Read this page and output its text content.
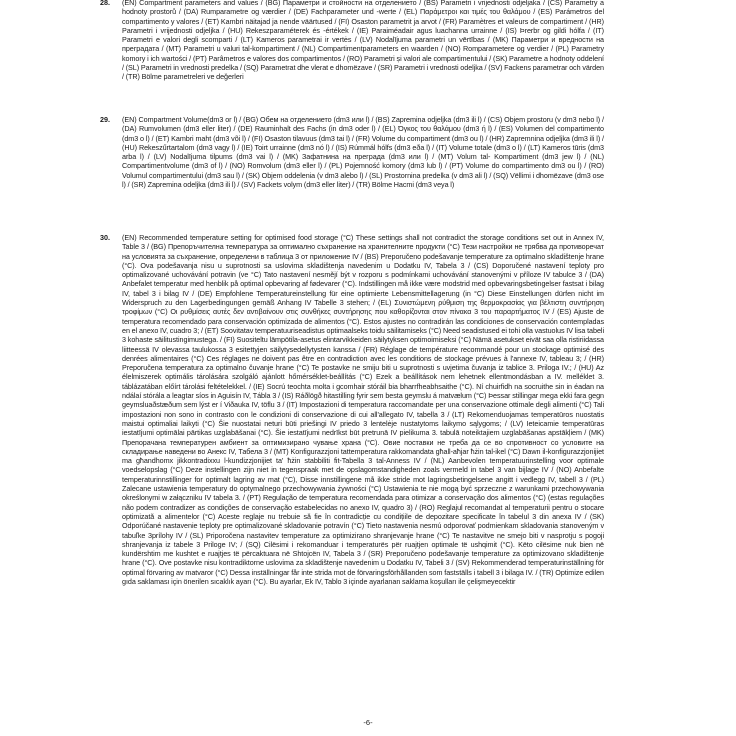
28. (EN) Compartment parameters and values / (BG) Параметри и стойности на отделението / (BS) Parametri i vrijednosti odjeljaka / (CS) Parametry a hodnoty prostorů / (DA) Rumparametre og værdier / (DE) Fachparameter und -werte / (EL) Παράμετροι και τιμές του θαλάμου / (ES) Parámetros del compartimento y valores / (ET) Kambri näitajad ja nende väärtused / (FI) Osaston parametrit ja arvot / (FR) Paramètres et valeurs de compartiment / (HR) Parametri i vrijednosti odjeljka / (HU) Rekeszparaméterek és -értékek / (IE) Paraiméadair agus luachanna urrainne / (IS) Þrerbr og gildi hólfa / (IT) Parametri e valori degli scomparti / (LT) Kameros parametrai ir vertės / (LV) Nodalījuma parametri un vērtības / (MK) Параметри и вредности на преградата / (MT) Parametri u valuri tal-kompartiment / (NL) Compartimentparameters en waarden / (NO) Romparametere og verdier / (PL) Parametry komory i ich wartości / (PT) Parâmetros e valores dos compartimentos / (RO) Parametri și valori ale compartimentului / (SK) Parametre a hodnoty oddelení / (SL) Parametri in vrednosti predelka / (SQ) Parametrat dhe vlerat e dhomëzave / (SR) Parametri i vrednosti odeljka / (SV) Fackens parametrar och värden / (TR) Bölme parametreleri ve değerleri

29. (EN) Compartment Volume(dm3 or l) / (BG) Обем на отделението (dm3 или l) / (BS) Zapremina odjeljka (dm3 ili l) / (CS) Objem prostoru (v dm3 nebo l) / (DA) Rumvolumen (dm3 eller liter) / (DE) Rauminhalt des Fachs (in dm3 oder l) / (EL) Όγκος του θαλάμου (dm3 ή l) / (ES) Volumen del compartimento (dm3 o l) / (ET) Kambri maht (dm3 või l) / (FI) Osaston tilavuus (dm3 tai l) / (FR) Volume du compartiment (dm3 ou l) / (HR) Zapremnina odjeljka (dm3 ili l) / (HU) Rekeszűrtartalom (dm3 vagy l) / (IE) Toirt urrainne (dm3 nó l) / (IS) Rúmmál hólfs (dm3 eða l) / (IT) Volume totale (dm3 o l) / (LT) Kameros tūris (dm3 arba l) / (LV) Nodalījuma tilpums (dm3 vai l) / (MK) Зафатнина на преграда (dm3 или l) / (MT) Volum tal- Kompartiment (dm3 jew l) / (NL) Compartimentvolume (dm3 of l) / (NO) Romvolum (dm3 eller l) / (PL) Pojemność komory (dm3 lub l) / (PT) Volume do compartimento dm3 ou l) / (RO) Volumul compartimentului (dm3 sau l) / (SK) Objem oddelenia (v dm3 alebo l) / (SL) Prostornina predelka (v dm3 ali l) / (SQ) Vëllimi i dhomëzave (dm3 ose l) / (SR) Zapremina odeljka (dm3 ili l) / (SV) Fackets volym (dm3 eller liter) / (TR) Bölme Hacmi (dm3 veya l)

30. (EN) Recommended temperature setting for optimised food storage (°C) These settings shall not contradict the storage conditions set out in Annex IV, Table 3 / (BG) Препоръчителна температура за оптимално съхранение на хранителните продукти (°C) Тези настройки не трябва да противоречат на условията за съхранение, определени в таблица 3 от приложение IV / (BS) Preporučeno podešavanje temperature za optimalno skladištenje hrane (°C). Ova podešavanja nisu u suprotnosti sa uslovima skladištenja navedenim u Dodatku IV, Tabela 3 / (CS) Doporučené nastavení teploty pro optimalizované uchovávání potravin (ve °C) Tato nastavení nesmějí být v rozporu s podmínkami uchovávání stanovenými v příloze IV tabulce 3 / (DA) Anbefalet temperatur med henblik på optimal opbevaring af fødevarer (°C). Indstillingen må ikke være modstrid med opbevaringsbetingelser fastsat i bilag IV, tabel 3 i bilag IV / (DE) Empfohlene Temperatureinstellung für eine optimierte Lebensmittellagerung (in °C) Diese Einstellungen dürfen nicht im Widerspruch zu den Lagerbedingungen gemäß Anhang IV Tabelle 3 stehen; / (EL) Συνιστώμενη ρύθμιση της θερμοκρασίας για βέλτιστη συντήρηση τροφίμων (°C) Οι ρυθμίσεις αυτές δεν αντιβαίνουν στις συνθήκες συντήρησης που καθορίζονται στον πίνακα 3 του παραρτήματος IV / (ES) Ajuste de temperatura recomendado para conservación optimizada de alimentos (°C). Estos ajustes no contradirán las condiciones de conservación contempladas en el anexo IV, cuadro 3; / (ET) Soovitatav temperatuuriseadistus optimaalseks toidu säilitamiseks (°C) Need seadistused ei tohi olla vastuolus IV lisa tabeli 3 kohaste säilitustingimustega. / (FI) Suositeltu lämpötila-asetus elintarvikkeiden säilytyksen optimoimiseksi (°C) Nämä asetukset eivät saa olla ristiriidassa liitteessä IV olevassa taulukossa 3 esitettyjen säilytysedellytysten kanssa / (FR) Réglage de température recommandé pour un stockage optimisé des denrées alimentaires (°C) Ces réglages ne doivent pas être en contradiction avec les conditions de stockage prévues à l'annexe IV, tableau 3; / (HR) Preporučena temperatura za optimalno čuvanje hrane (°C) Te postavke ne smiju biti u suprotnosti s uvjetima čuvanja iz tablice 3. Priloga IV.; / (HU) Az élelmiszerek optimális tárolására szolgáló ajánlott hőmérséklet-beállítás (°C) Ezek a beállítások nem lehetnek ellentmondásban a IV. melléklet 3. táblázatában előírt tárolási feltételekkel. / (IE) Socrú teochta molta i gcomhair stóráil bia bharrfheabhsaithe (°C). Ní chuirfidh na socruithe sin in éadan na ndálaí stórála a leagtar síos in Aguisín IV, Tábla 3 / (IS) Ráðlögð hitastilling fyrir sem besta geymslu á matvælum (°C) Þessar stillingar mega ekki fara gegn geymsluaðstæðum sem lýst er í Viðauka IV, töflu 3 / (IT) Impostazioni di temperatura raccomandate per una conservazione ottimale degli alimenti (°C) Tali impostazioni non sono in contrasto con le condizioni di conservazione di cui all'allegato IV, tabella 3 / (LT) Rekomenduojamas temperatūros nuostatis maistui optimaliai laikyti (°C) Šie nuostatai neturi būti priešingi IV priedo 3 lentelėje nustatytoms laikymo sąlygoms; / (LV) Ieteicamie temperatūras iestatījumi optimālai pārtikas uzglabāšanai (°C). Šie iestatījumi nedrīkst būt pretrunā IV pielikuma 3. tabulā noteiktajiem uzglabāšanas apstākļiem / (MK) Препорачана температурен амбиент за оптимизирано чување храна (°C). Овие поставки не треба да се во спротивност со условите на складирање наведени во Анекс IV, Табела 3 / (MT) Konfigurazzjoni tattemperatura rakkomandata għall-aħjar ħżin tal-ikel (°C) Dawn il-konfigurazzjonijiet ma għandhomx jikkontradixxu l-kundizzjonijiet ta' ħżin stabbiliti fit-Tabella 3 tal-Anness IV / (NL) Aanbevolen temperatuurinstelling voor optimale voedselopslag (°C) Deze instellingen zijn niet in tegenspraak met de opslagomstandigheden zoals vermeld in tabel 3 van bijlage IV / (NO) Anbefalte temperaturinnstillinger for optimalt lagring av mat (°C), Disse innstillingene må ikke stride mot lagringsbetingelsene angitt i vedlegg IV, tabell 3 / (PL) Zalecane ustawienia temperatury do optymalnego przechowywania żywności (°C) Ustawienia te nie mogą być sprzeczne z warunkami przechowywania określonymi w załączniku IV tabela 3. / (PT) Regulação de temperatura recomendada para otimizar a conservação dos alimentos (°C) (estas regulações não podem contradizer as condições de conservação estabelecidas no anexo IV, quadro 3) / (RO) Reglajul recomandat al temperaturii pentru o stocare optimizată a alimentelor (°C) Aceste reglaje nu trebuie să fie în contradicție cu condițiile de depozitare specificate în tabelul 3 din anexa IV / (SK) Odporúčané nastavenie teploty pre optimalizované skladovanie potravín (°C) Tieto nastavenia nesmú odporovať podmienkam skladovania stanoveným v tabuľke 3prílohy IV / (SL) Priporočena nastavitev temperature za optimizirano shranjevanje hrane (°C) Te nastavitve ne smejo biti v nasprotju s pogoji shranjevanja iz tabele 3 Priloge IV; / (SQ) Cilësimi i rekomanduar i temperaturës për ruajtjen optimale të ushqimit (°C). Këto cilësime nuk bien në kundërshtim me kushtet e ruajtjes të përcaktuara në Shtojcën IV, Tabela 3 / (SR) Preporučeno podešavanje temperature za optimizovano skladištenje hrane (°C). Ove postavke nisu kontradiktorne uslovima za skladištenje navedenim u Dodatku IV, Tabeli 3 / (SV) Rekommenderad temperaturinställning för optimal förvaring av matvaror (°C) Dessa inställningar får inte strida mot de förvaringsförhållanden som fastställs i tabell 3 i bilaga IV. / (TR) Optimize edilen gıda saklaması için önerilen sıcaklık ayarı (°C). Bu ayarlar, Ek IV, Tablo 3 içinde ayarlanan saklama koşulları ile çelişmeyecektir

-6-
